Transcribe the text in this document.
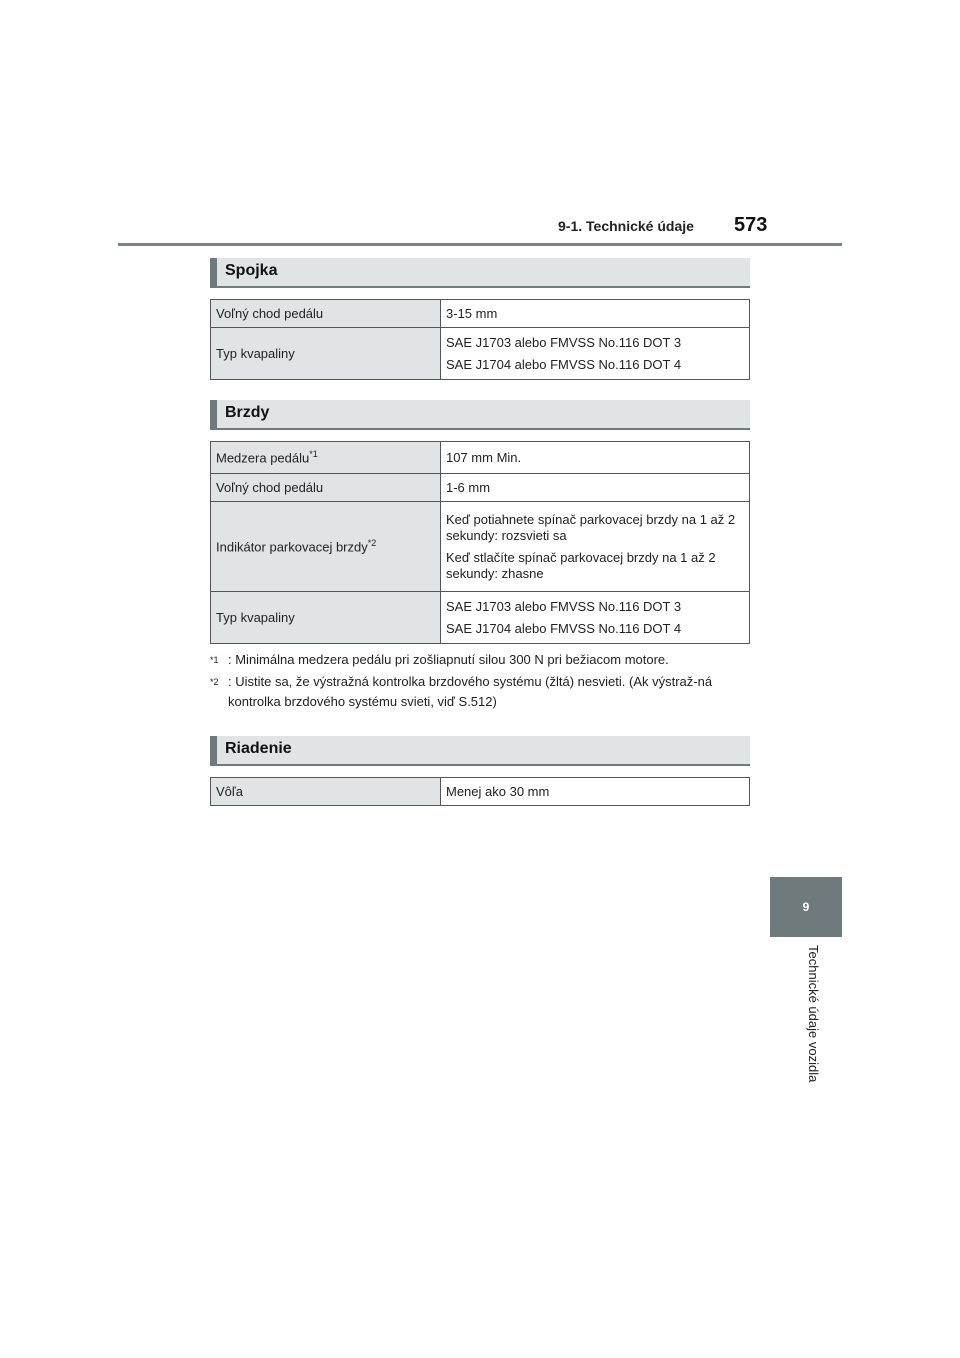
9-1. Technické údaje 573
9
Technické údaje vozidla
Spojka
Voľný chod pedálu	3-15 mm

Typ kvapaliny	SAE J1703 alebo FMVSS No.116 DOT 3
SAE J1704 alebo FMVSS No.116 DOT 4
Brzdy
Medzera pedálu$^{*1}$	107 mm Min.

Voľný chod pedálu	1-6 mm

Indikátor parkovacej brzdy$^{*2}$	Keď potiahnete spínač parkovacej brzdy na 1 až 2 sekundy: rozsvieti sa
Keď stlačíte spínač parkovacej brzdy na 1 až 2 sekundy: zhasne

Typ kvapaliny	SAE J1703 alebo FMVSS No.116 DOT 3
SAE J1704 alebo FMVSS No.116 DOT 4
$^{*1}$ : Minimálna medzera pedálu pri zošliapnutí silou 300 N pri bežiacom motore.
$^{*2}$ : Uistite sa, že výstražná kontrolka brzdového systému (žltá) nesvieti. (Ak výstraž-ná kontrolka brzdového systému svieti, viď S.512)
Riadenie
Vôľa	Menej ako 30 mm
